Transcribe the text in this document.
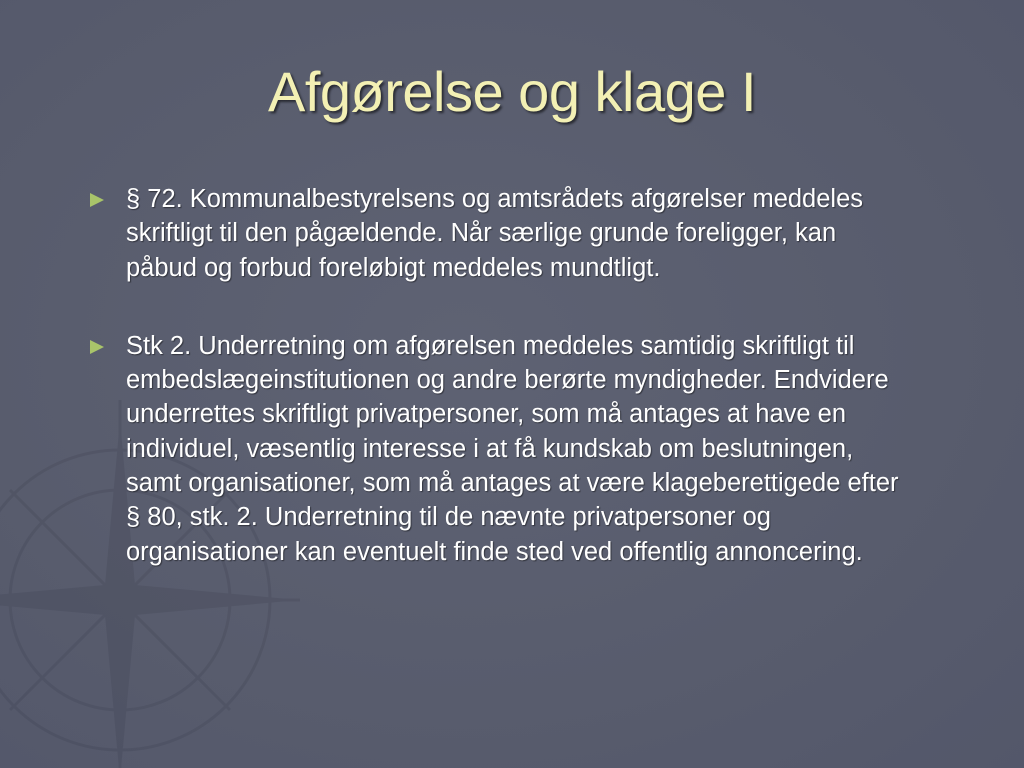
Afgørelse og klage I
§ 72. Kommunalbestyrelsens og amtsrådets afgørelser meddeles
skriftligt til den pågældende. Når særlige grunde foreligger, kan
påbud og forbud foreløbigt meddeles mundtligt.
Stk 2. Underretning om afgørelsen meddeles samtidig skriftligt til
embedslægeinstitutionen og andre berørte myndigheder. Endvidere
underrettes skriftligt privatpersoner, som må antages at have en
individuel, væsentlig interesse i at få kundskab om beslutningen,
samt organisationer, som må antages at være klageberettigede efter
§ 80, stk. 2. Underretning til de nævnte privatpersoner og
organisationer kan eventuelt finde sted ved offentlig annoncering.
